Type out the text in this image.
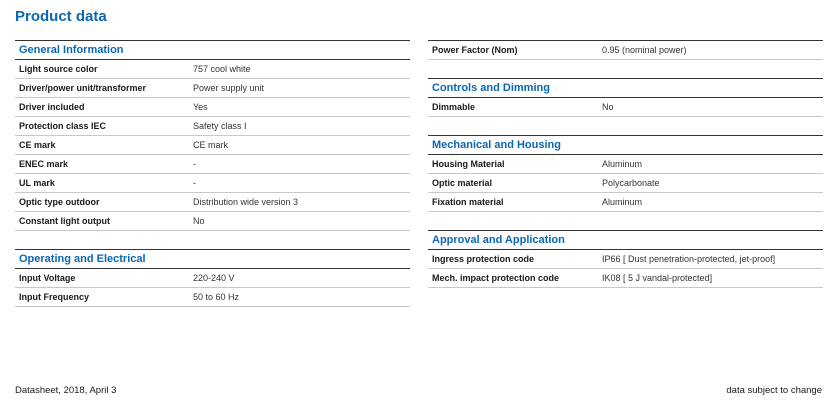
Product data
General Information
Light source color	757 cool white
Driver/power unit/transformer	Power supply unit
Driver included	Yes
Protection class IEC	Safety class I
CE mark	CE mark
ENEC mark	-
UL mark	-
Optic type outdoor	Distribution wide version 3
Constant light output	No
Operating and Electrical
Input Voltage	220-240 V
Input Frequency	50 to 60 Hz
Power Factor (Nom)	0.95 (nominal power)
Controls and Dimming
Dimmable	No
Mechanical and Housing
Housing Material	Aluminum
Optic material	Polycarbonate
Fixation material	Aluminum
Approval and Application
Ingress protection code	IP66 [ Dust penetration-protected, jet-proof]
Mech. impact protection code	IK08 [ 5 J vandal-protected]
Datasheet, 2018, April 3	data subject to change
